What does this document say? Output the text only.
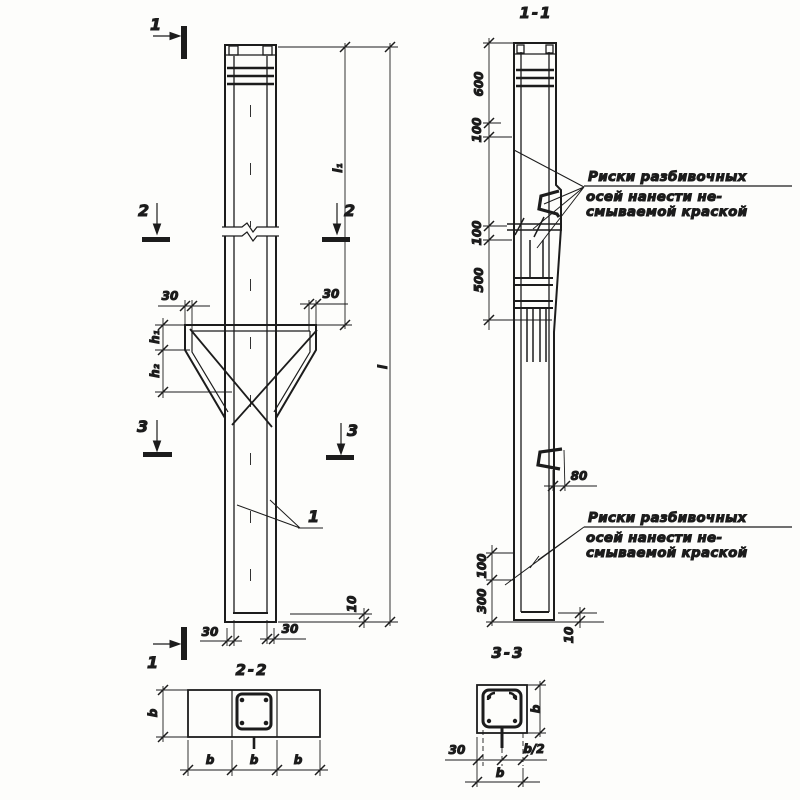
30	30
h₁
h₂
l₁
l
10
30	30
1
1
1
2	2
3	3
1-1
600
100
100
500
100
300
80
10
Риски разбивочных
осей нанести не-
смываемой краской
Риски разбивочных
осей нанести не-
смываемой краской
2-2
b
b	b	b
3-3
b
30	b/2
b
